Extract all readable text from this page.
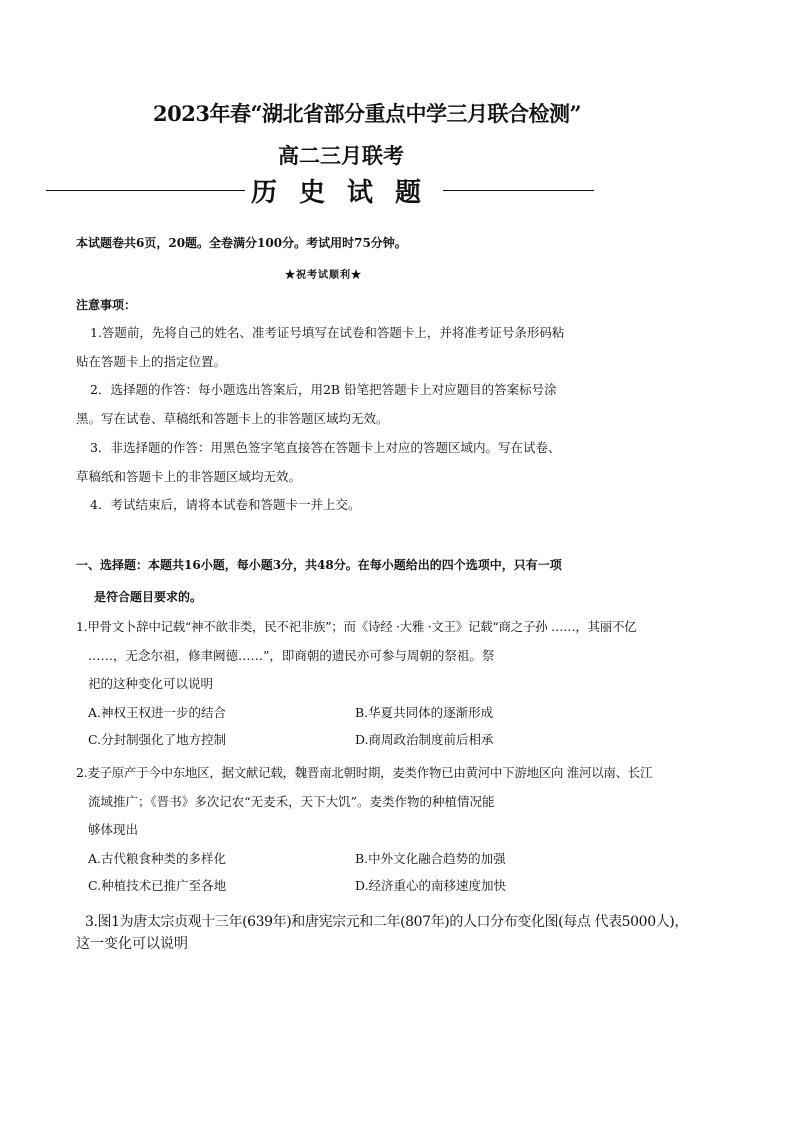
2023年春“湖北省部分重点中学三月联合检测”
高二三月联考
历史试题
本试题卷共6页，20题。全卷满分100分。考试用时75分钟。
★祝考试顺利★
注意事项：
1.答题前，先将自己的姓名、准考证号填写在试卷和答题卡上，并将准考证号条形码粘
贴在答题卡上的指定位置。
2．选择题的作答：每小题选出答案后，用2B 铅笔把答题卡上对应题目的答案标号涂
黑。写在试卷、草稿纸和答题卡上的非答题区域均无效。
3．非选择题的作答：用黑色签字笔直接答在答题卡上对应的答题区域内。写在试卷、
草稿纸和答题卡上的非答题区域均无效。
4．考试结束后，请将本试卷和答题卡一并上交。
一、选择题：本题共16小题，每小题3分，共48分。在每小题给出的四个选项中，只有一项
是符合题目要求的。
1.甲骨文卜辞中记载“神不歆非类，民不祀非族”；而《诗经 ·大雅 ·文王》记载“商之子孙 ……，其丽不亿
……，无念尔祖，修聿阙德……”，即商朝的遗民亦可参与周朝的祭祖。祭
祀的这种变化可以说明
A.神权王权进一步的结合	B.华夏共同体的逐渐形成
C.分封制强化了地方控制	D.商周政治制度前后相承
2.麦子原产于今中东地区，据文献记载，魏晋南北朝时期，麦类作物已由黄河中下游地区向 淮河以南、长江
流域推广；《晋书》多次记农“无麦禾，天下大饥”。麦类作物的种植情况能
够体现出
A.古代粮食种类的多样化	B.中外文化融合趋势的加强
C.种植技术已推广至各地	D.经济重心的南移速度加快
3.图1为唐太宗贞观十三年(639年)和唐宪宗元和二年(807年)的人口分布变化图(每点 代表5000人)，
这一变化可以说明
